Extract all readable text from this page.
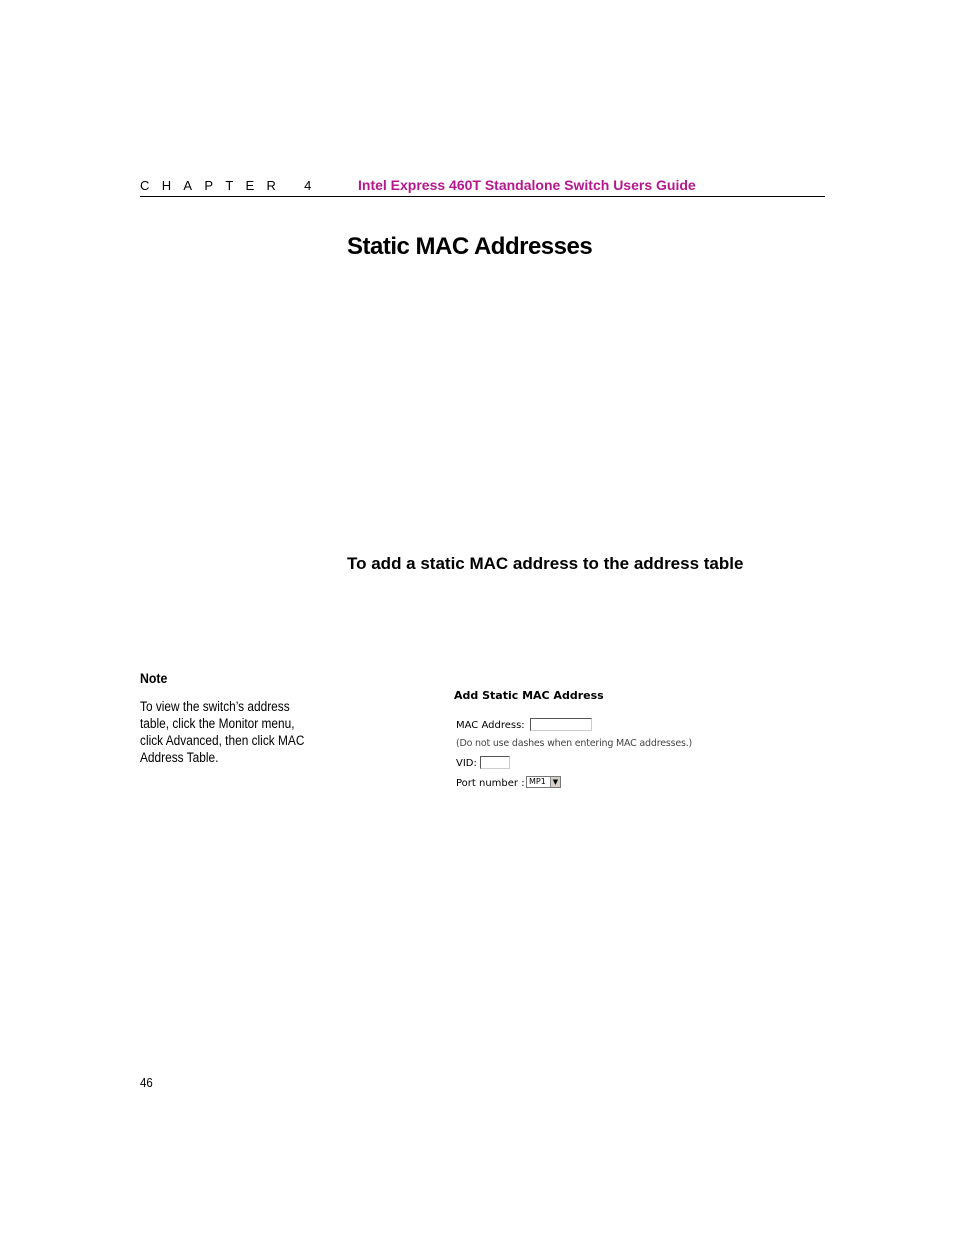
CHAPTER 4 Intel Express 460T Standalone Switch Users Guide
Static MAC Addresses
To add a static MAC address to the address table
Note
To view the switch’s address
table, click the Monitor menu,
click Advanced, then click MAC
Address Table.
Add Static MAC Address
MAC Address:
(Do not use dashes when entering MAC addresses.)
VID:
Port number : MP1 ▼
46
